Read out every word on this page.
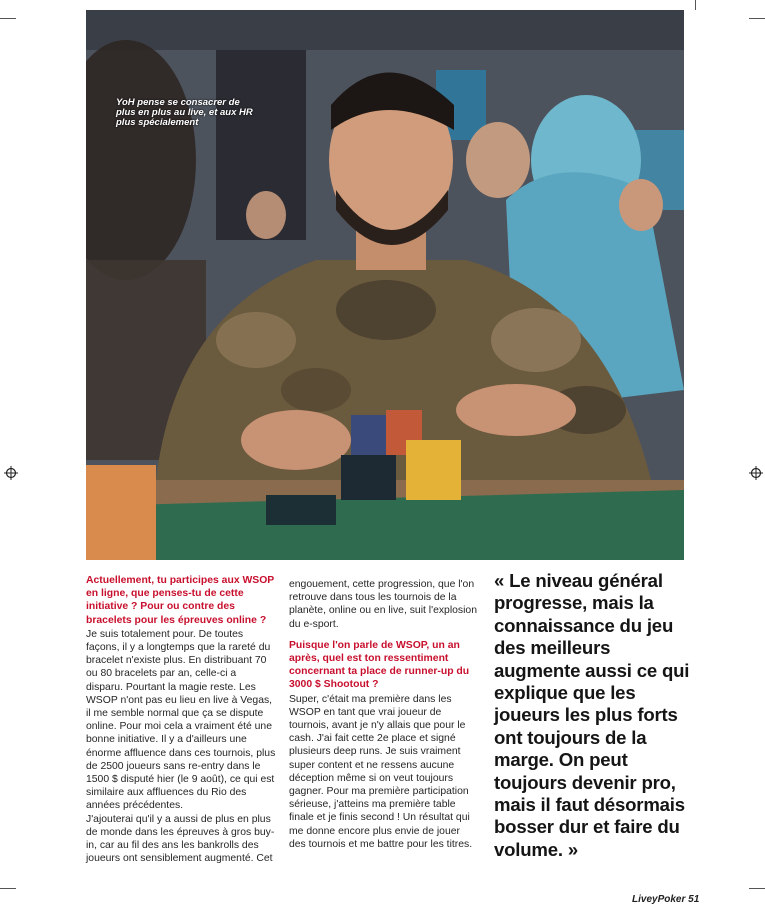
YoH pense se consacrer de plus en plus au live, et aux HR plus spécialement
Actuellement, tu participes aux WSOP en ligne, que penses-tu de cette initiative ? Pour ou contre des bracelets pour les épreuves online ?
Je suis totalement pour. De toutes façons, il y a longtemps que la rareté du bracelet n'existe plus. En distribuant 70 ou 80 bracelets par an, celle-ci a disparu. Pourtant la magie reste. Les WSOP n'ont pas eu lieu en live à Vegas, il me semble normal que ça se dispute online. Pour moi cela a vraiment été une bonne initiative. Il y a d'ailleurs une énorme affluence dans ces tournois, plus de 2500 joueurs sans re-entry dans le 1500 $ disputé hier (le 9 août), ce qui est similaire aux affluences du Rio des années précédentes.
J'ajouterai qu'il y a aussi de plus en plus de monde dans les épreuves à gros buy-in, car au fil des ans les bankrolls des joueurs ont sensiblement augmenté. Cet
engouement, cette progression, que l'on retrouve dans tous les tournois de la planète, online ou en live, suit l'explosion du e-sport.
Puisque l'on parle de WSOP, un an après, quel est ton ressentiment concernant ta place de runner-up du 3000 $ Shootout ?
Super, c'était ma première dans les WSOP en tant que vrai joueur de tournois, avant je n'y allais que pour le cash. J'ai fait cette 2e place et signé plusieurs deep runs. Je suis vraiment super content et ne ressens aucune déception même si on veut toujours gagner. Pour ma première participation sérieuse, j'atteins ma première table finale et je finis second ! Un résultat qui me donne encore plus envie de jouer des tournois et me battre pour les titres.
« Le niveau général progresse, mais la connaissance du jeu des meilleurs augmente aussi ce qui explique que les joueurs les plus forts ont toujours de la marge. On peut toujours devenir pro, mais il faut désormais bosser dur et faire du volume. »
LiveyPoker 51
